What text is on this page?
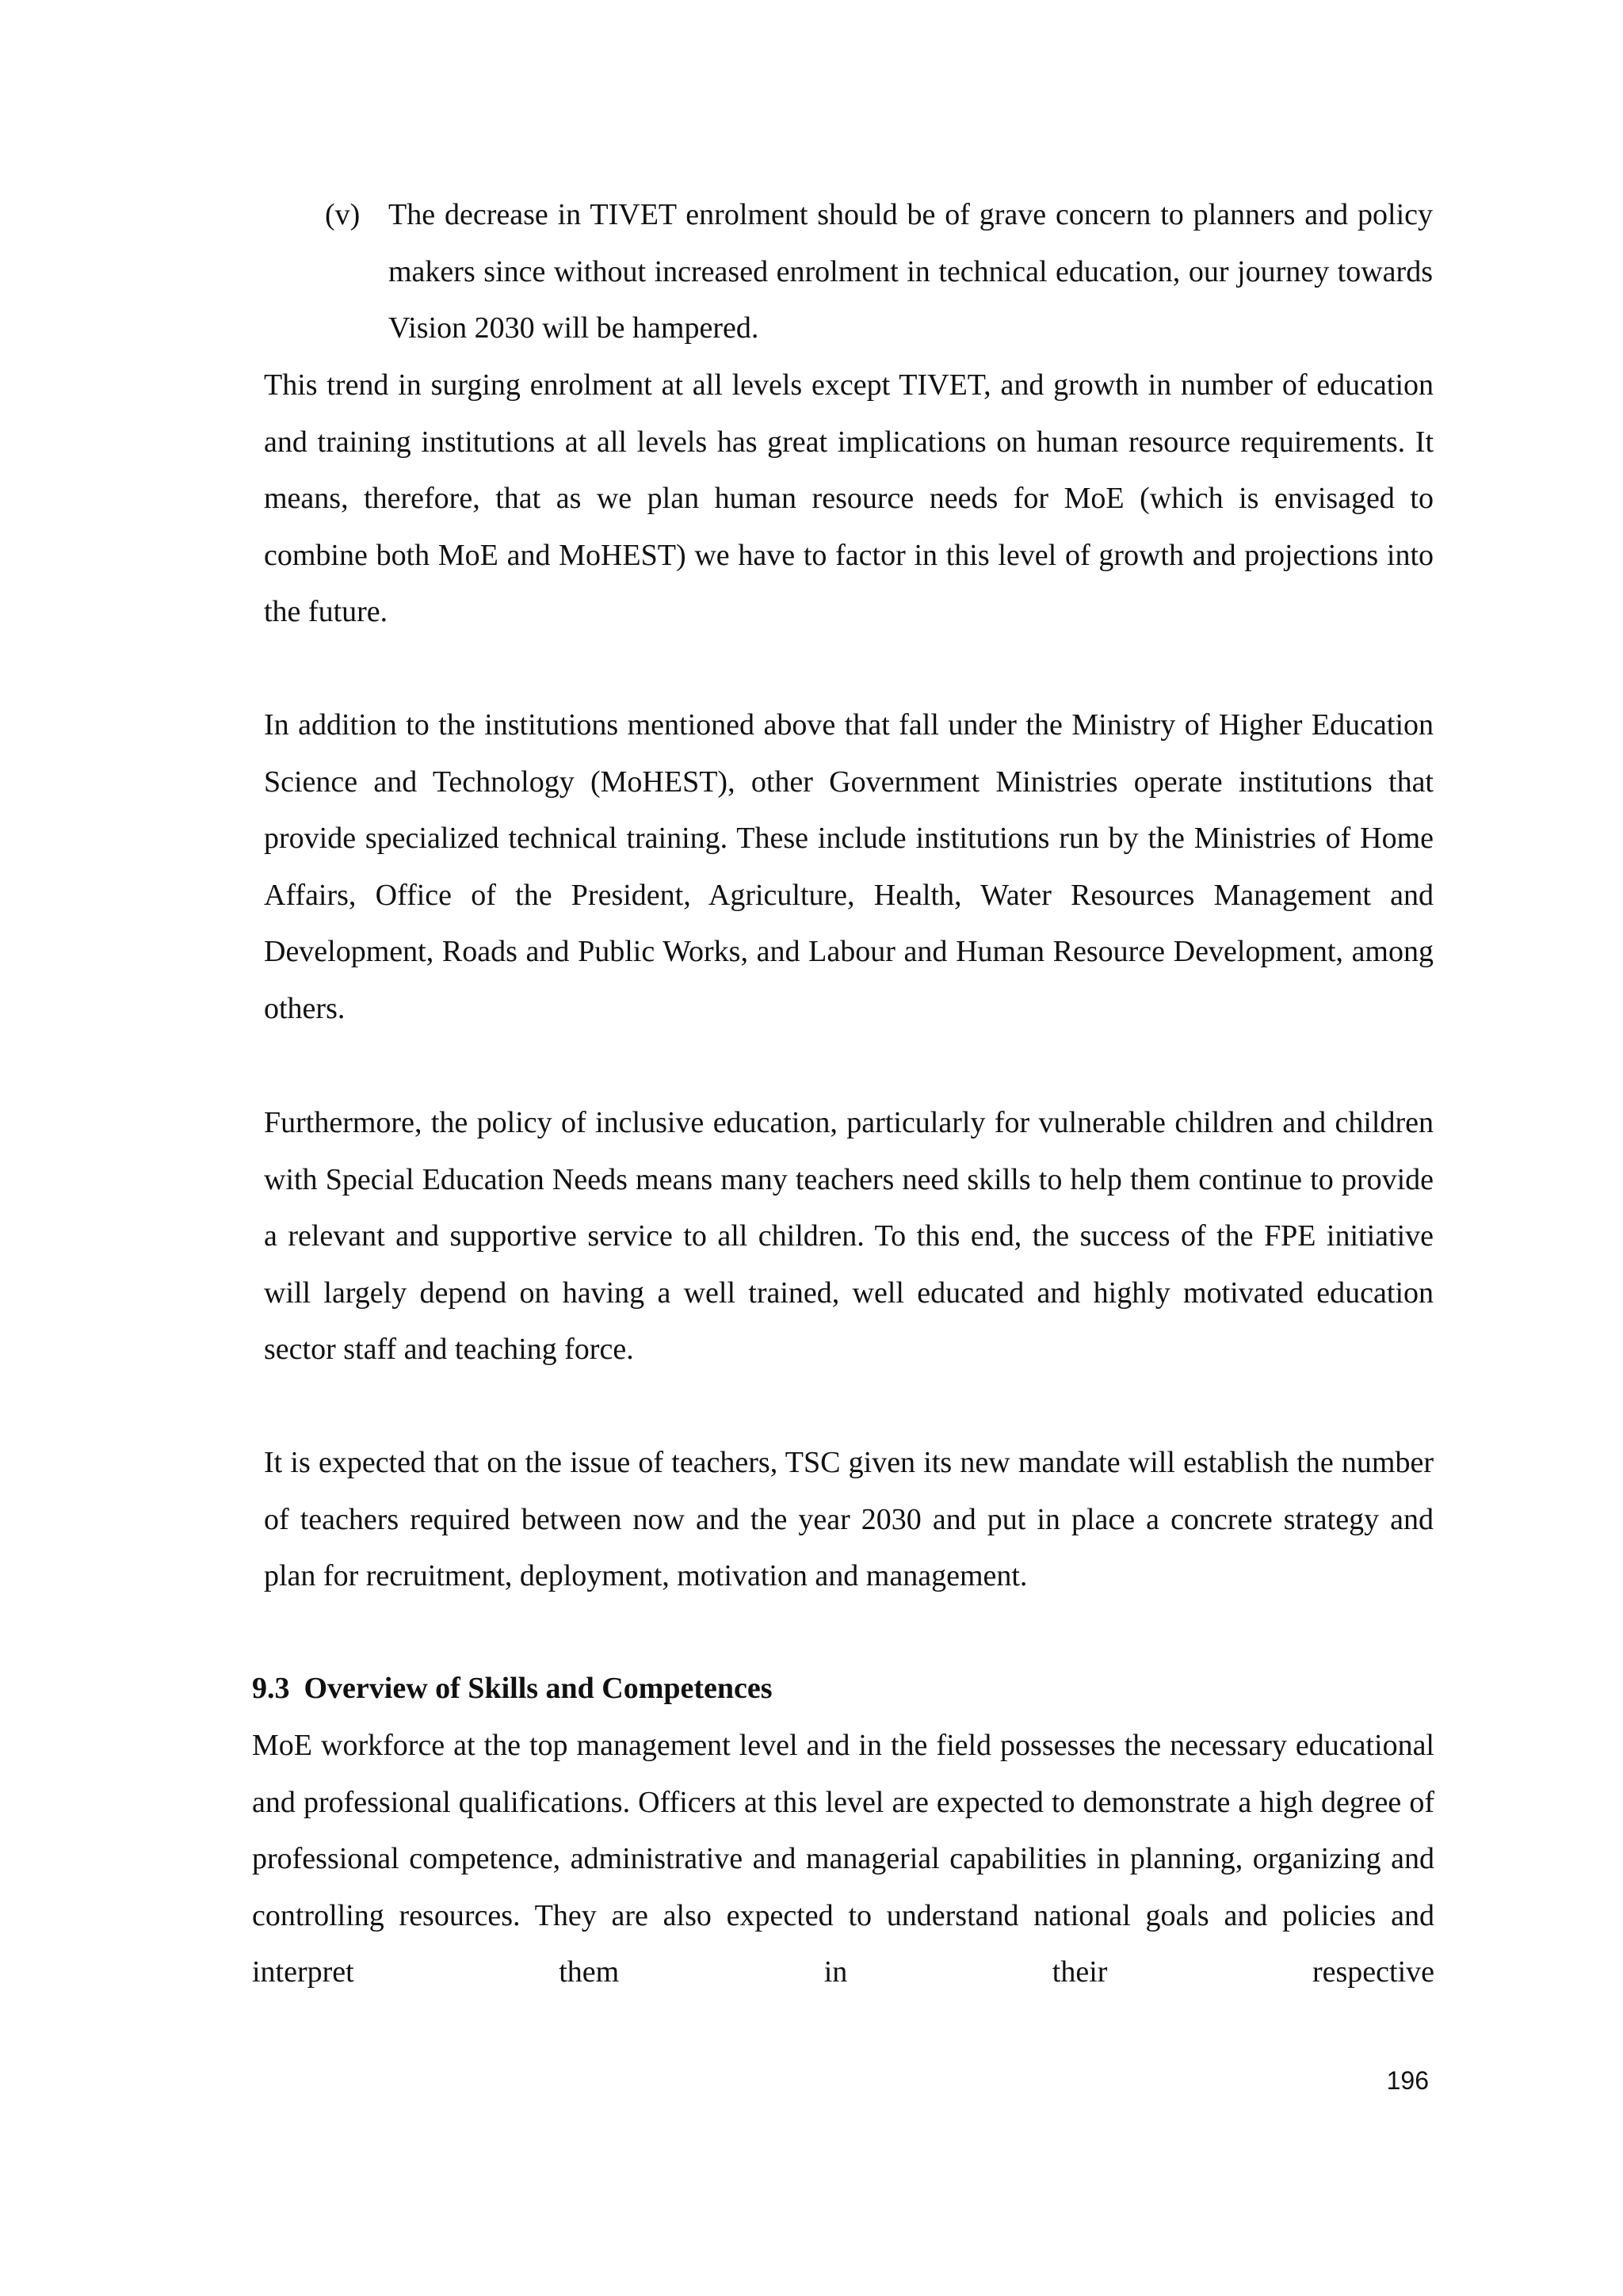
(v) The decrease in TIVET enrolment should be of grave concern to planners and policy makers since without increased enrolment in technical education, our journey towards Vision 2030 will be hampered.

This trend in surging enrolment at all levels except TIVET, and growth in number of education and training institutions at all levels has great implications on human resource requirements. It means, therefore, that as we plan human resource needs for MoE (which is envisaged to combine both MoE and MoHEST) we have to factor in this level of growth and projections into the future.

In addition to the institutions mentioned above that fall under the Ministry of Higher Education Science and Technology (MoHEST), other Government Ministries operate institutions that provide specialized technical training. These include institutions run by the Ministries of Home Affairs, Office of the President, Agriculture, Health, Water Resources Management and Development, Roads and Public Works, and Labour and Human Resource Development, among others.

Furthermore, the policy of inclusive education, particularly for vulnerable children and children with Special Education Needs means many teachers need skills to help them continue to provide a relevant and supportive service to all children. To this end, the success of the FPE initiative will largely depend on having a well trained, well educated and highly motivated education sector staff and teaching force.

It is expected that on the issue of teachers, TSC given its new mandate will establish the number of teachers required between now and the year 2030 and put in place a concrete strategy and plan for recruitment, deployment, motivation and management.

9.3 Overview of Skills and Competences

MoE workforce at the top management level and in the field possesses the necessary educational and professional qualifications. Officers at this level are expected to demonstrate a high degree of professional competence, administrative and managerial capabilities in planning, organizing and controlling resources. They are also expected to understand national goals and policies and interpret them in their respective

196
